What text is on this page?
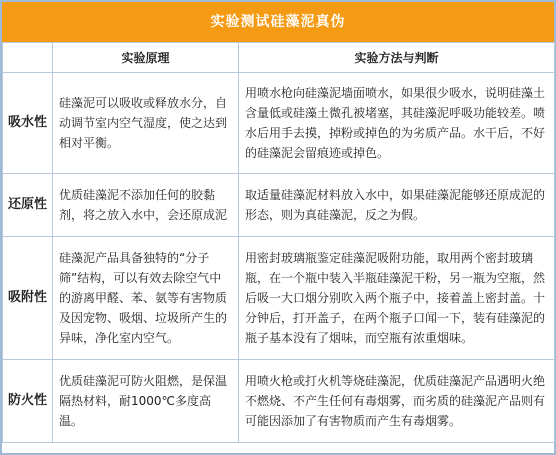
实验测试硅藻泥真伪
	实验原理	实验方法与判断
吸水性	硅藻泥可以吸收或释放水分，自动调节室内空气湿度，使之达到相对平衡。	用喷水枪向硅藻泥墙面喷水，如果很少吸水，说明硅藻土含量低或硅藻土微孔被堵塞，其硅藻泥呼吸功能较差。喷水后用手去摸，掉粉或掉色的为劣质产品。水干后，不好的硅藻泥会留痕迹或掉色。
还原性	优质硅藻泥不添加任何的胶黏剂，将之放入水中，会还原成泥	取适量硅藻泥材料放入水中，如果硅藻泥能够还原成泥的形态，则为真硅藻泥，反之为假。
吸附性	硅藻泥产品具备独特的“分子筛”结构，可以有效去除空气中的游离甲醛、苯、氨等有害物质及因宠物、吸烟、垃圾所产生的异味，净化室内空气。	用密封玻璃瓶鉴定硅藻泥吸附功能，取用两个密封玻璃瓶，在一个瓶中装入半瓶硅藻泥干粉，另一瓶为空瓶，然后吸一大口烟分别吹入两个瓶子中，接着盖上密封盖。十分钟后，打开盖子，在两个瓶子口闻一下，装有硅藻泥的瓶子基本没有了烟味，而空瓶有浓重烟味。
防火性	优质硅藻泥可防火阻燃，是保温隔热材料，耐1000℃多度高温。	用喷火枪或打火机等烧硅藻泥，优质硅藻泥产品遇明火绝不燃烧、不产生任何有毒烟雾，而劣质的硅藻泥产品则有可能因添加了有害物质而产生有毒烟雾。
